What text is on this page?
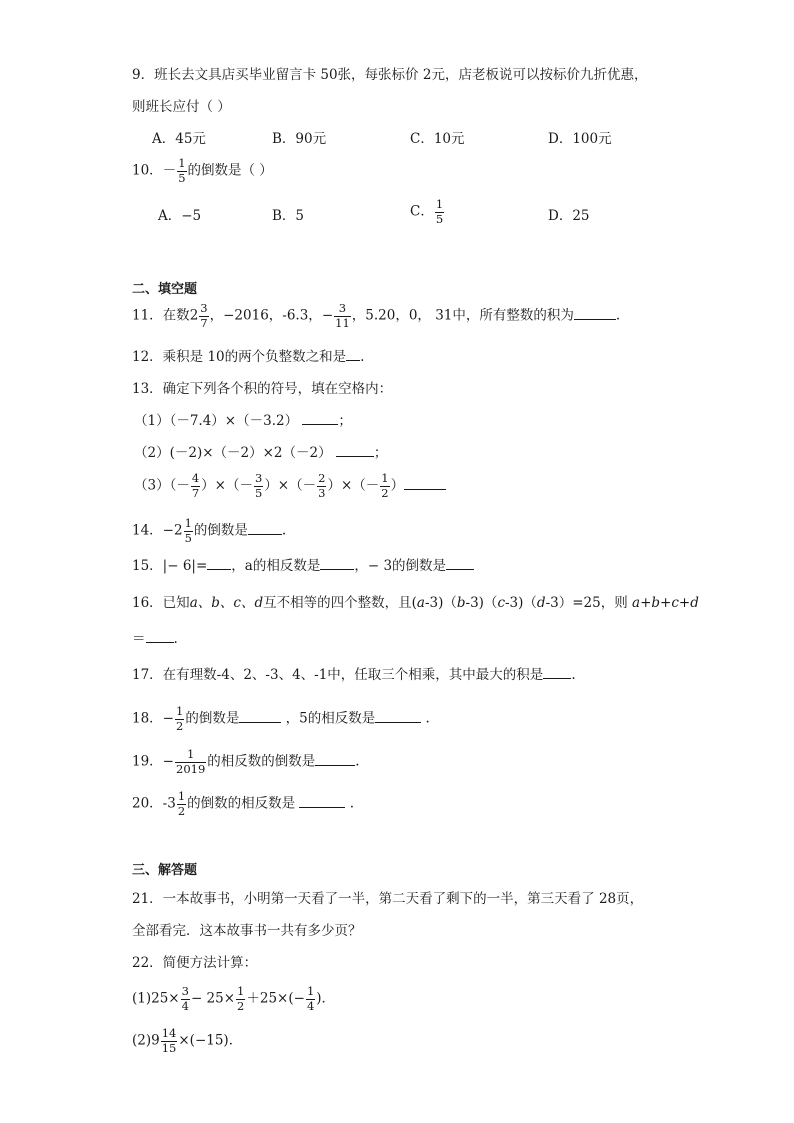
9．班长去文具店买毕业留言卡 50张，每张标价 2元，店老板说可以按标价九折优惠，
则班长应付（ ）
A．45元	B．90元	C．10元	D．100元
10．－ $\frac{1}{5}$ 的倒数是（ ）
A．−5	B．5	C． $\frac{1}{5}$	D．25
二、填空题
11．在数$2 \frac{3}{7}$ ，−2016，-6.3，− $\frac{3}{11}$ ，5.20，0， 31中，所有整数的积为	.
12．乘积是 10的两个负整数之和是 .
13．确定下列各个积的符号，填在空格内：
（1）（－7.4）×（－3.2）	；
（2）(－2)×（－2）×2（－2）	；
$(3)(- \frac{4}{7}$ ）×（－ $\frac{3}{5}$ ）×（－ $\frac{2}{3}$ ）×（－ $\frac{1}{2}$ ）
14．$-2 \frac{1}{5}$ 的倒数是	.
15．|− 6|= ，a的相反数是	，− 3的倒数是
16．已知a、b、c、d互不相等的四个整数，且(a-3)（b-3)（c-3)（d-3）=25，则 a+b+c+d
＝ .
17．在有理数-4、2、-3、4、-1中，任取三个相乘，其中最大的积是 .
18．− $\frac{1}{2}$ 的倒数是	，5的相反数是	.
19．− $\frac{1}{2019}$ 的相反数的倒数是	.
20．$-3 \frac{1}{2}$ 的倒数的相反数是	.
三、解答题
21．一本故事书，小明第一天看了一半，第二天看了剩下的一半，第三天看了 28页，
全部看完．这本故事书一共有多少页？
22．简便方法计算：
$(1)25\times \frac{3}{4} - 25\times \frac{1}{2} +25\times(- \frac{1}{4}$ )．
$(2)9 \frac{14}{15} \times(-15)$．
